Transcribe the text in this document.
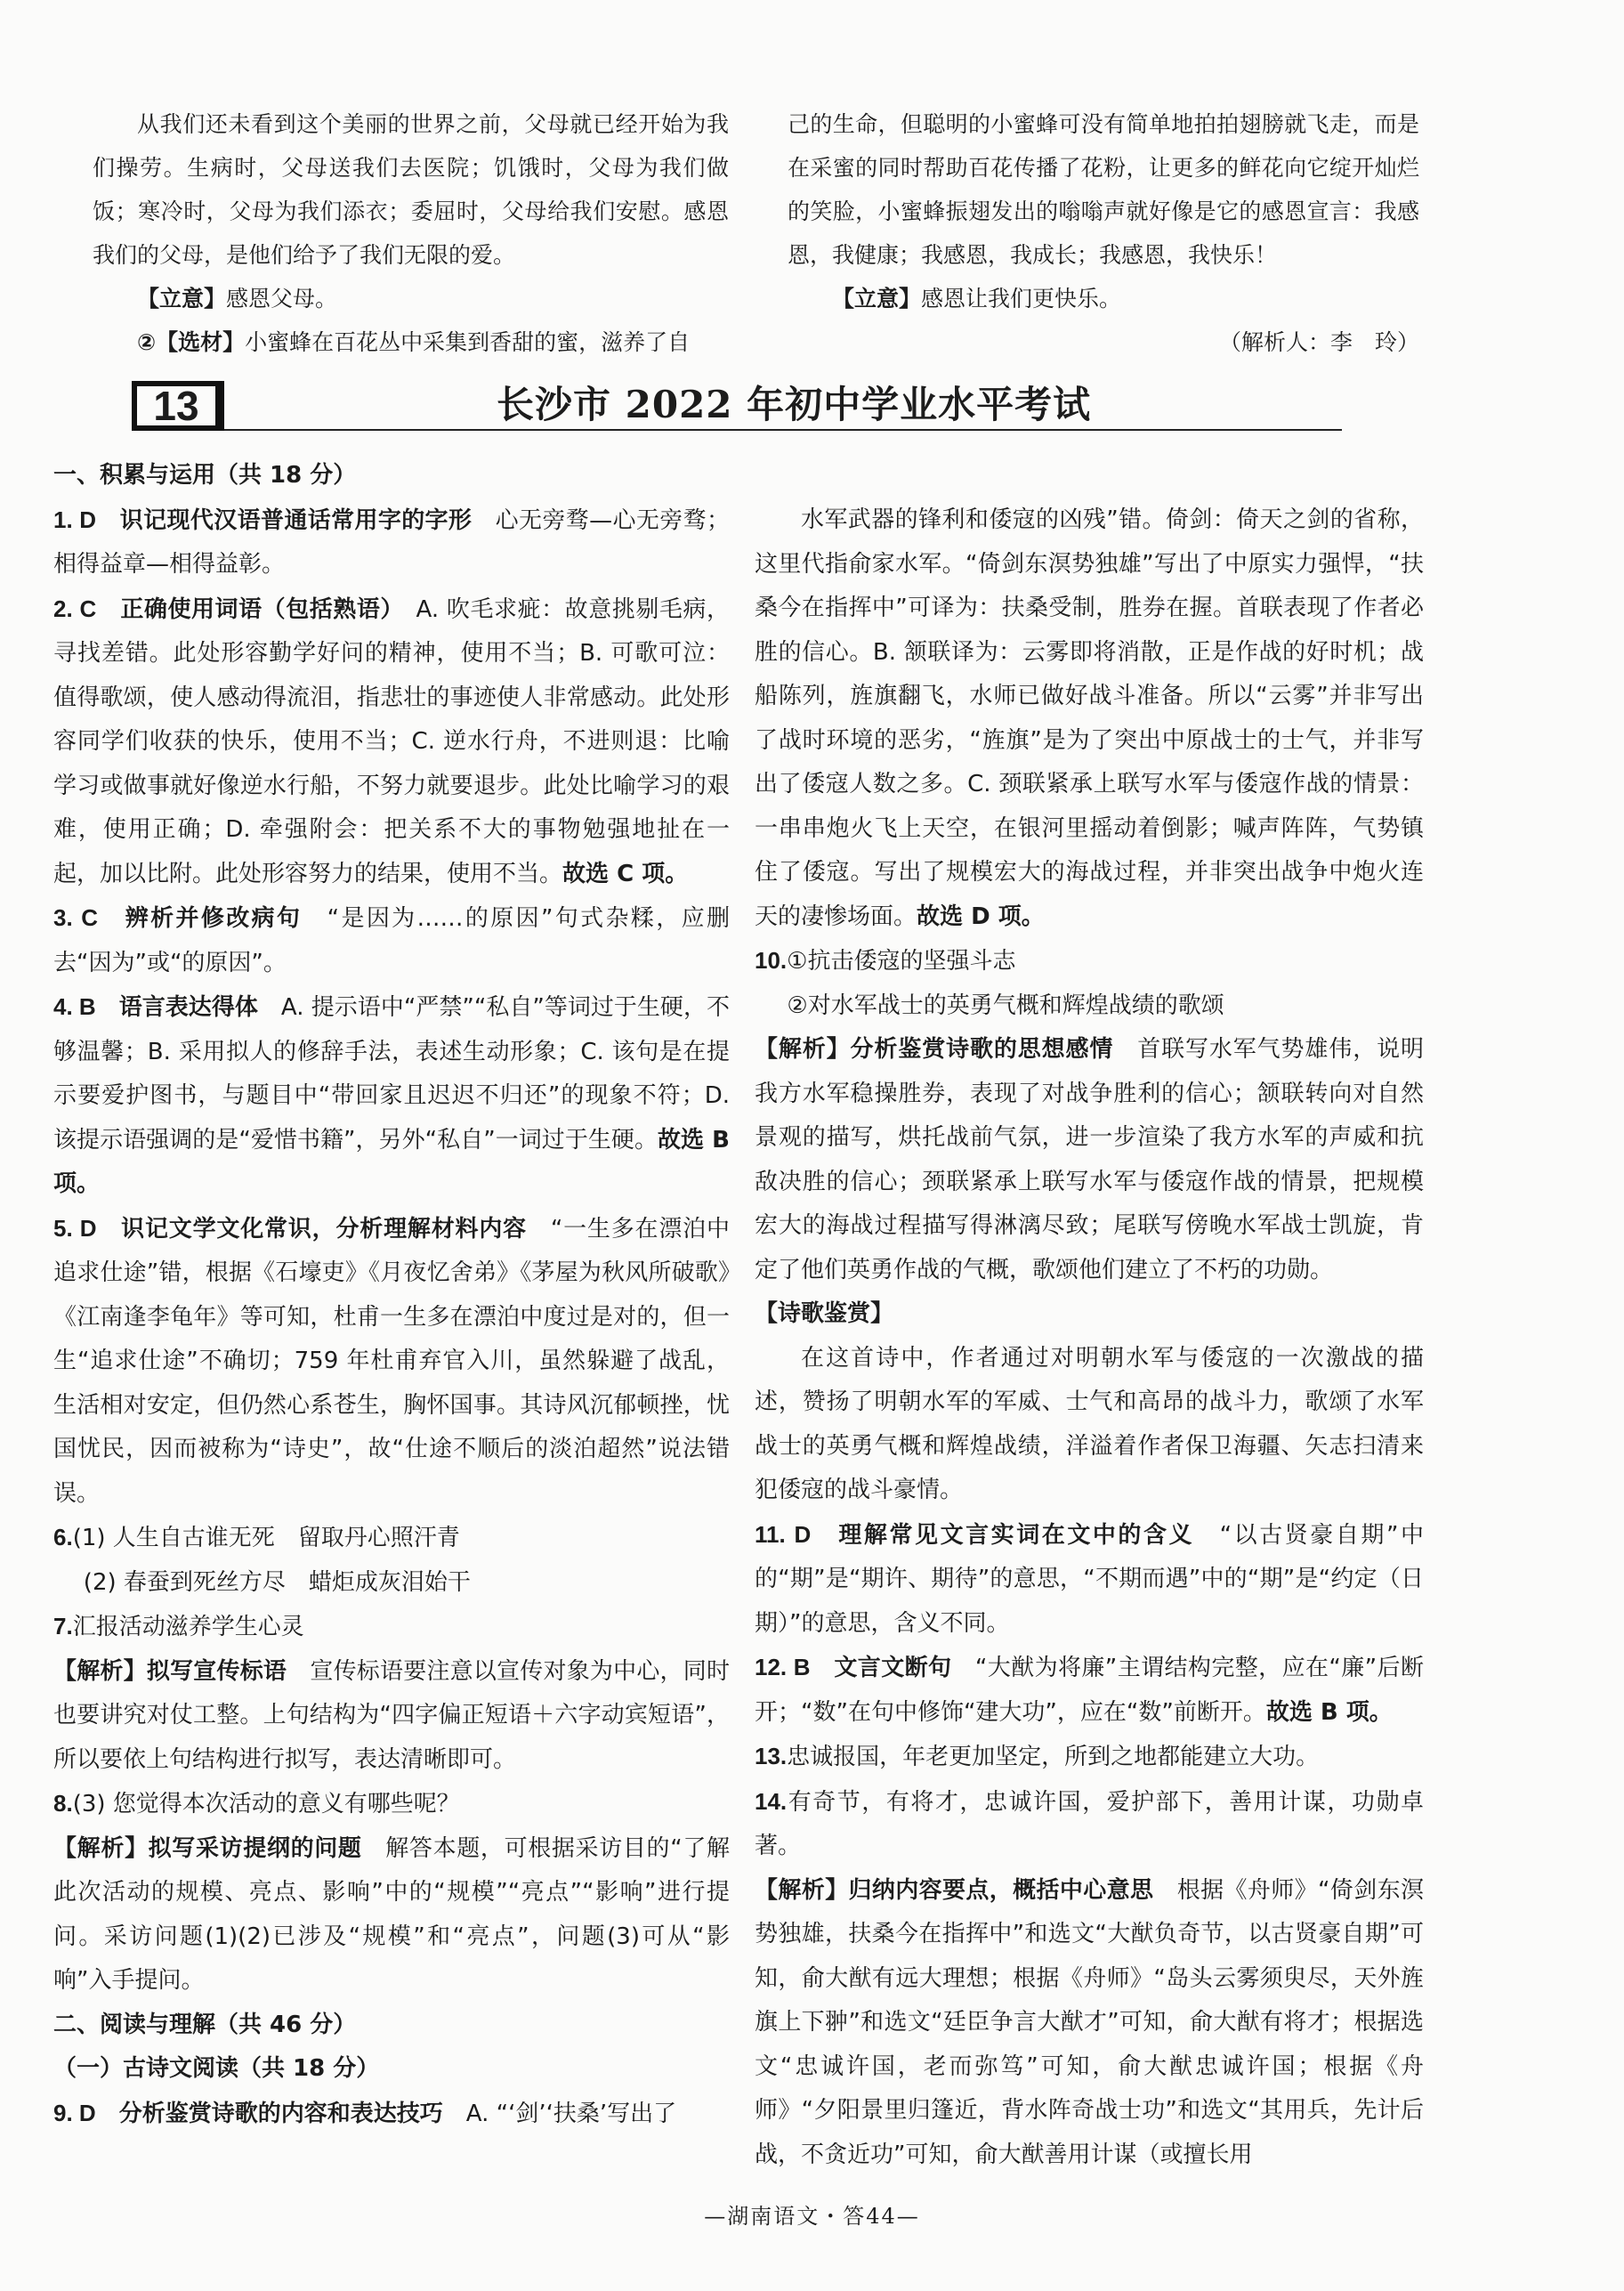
从我们还未看到这个美丽的世界之前，父母就已经开始为我们操劳。生病时，父母送我们去医院；饥饿时，父母为我们做饭；寒冷时，父母为我们添衣；委屈时，父母给我们安慰。感恩我们的父母，是他们给予了我们无限的爱。

【立意】感恩父母。

②【选材】小蜜蜂在百花丛中采集到香甜的蜜，滋养了自

己的生命，但聪明的小蜜蜂可没有简单地拍拍翅膀就飞走，而是在采蜜的同时帮助百花传播了花粉，让更多的鲜花向它绽开灿烂的笑脸，小蜜蜂振翅发出的嗡嗡声就好像是它的感恩宣言：我感恩，我健康；我感恩，我成长；我感恩，我快乐！

【立意】感恩让我们更快乐。

（解析人：李　玲）

13	长沙市 2022 年初中学业水平考试

一、积累与运用（共 18 分）

1. D　 识记现代汉语普通话常用字的字形　 心无旁骛—心无旁骛；相得益章—相得益彰。

2. C　 正确使用词语（包括熟语）　 A. 吹毛求疵：故意挑剔毛病，寻找差错。此处形容勤学好问的精神，使用不当；B. 可歌可泣：值得歌颂，使人感动得流泪，指悲壮的事迹使人非常感动。此处形容同学们收获的快乐，使用不当；C. 逆水行舟，不进则退：比喻学习或做事就好像逆水行船，不努力就要退步。此处比喻学习的艰难，使用正确；D. 牵强附会：把关系不大的事物勉强地扯在一起，加以比附。此处形容努力的结果，使用不当。故选 C 项。

3. C　 辨析并修改病句　 “是因为……的原因”句式杂糅，应删去“因为”或“的原因”。

4. B　 语言表达得体　 A. 提示语中“严禁”“私自”等词过于生硬，不够温馨；B. 采用拟人的修辞手法，表述生动形象；C. 该句是在提示要爱护图书，与题目中“带回家且迟迟不归还”的现象不符；D. 该提示语强调的是“爱惜书籍”，另外“私自”一词过于生硬。故选 B 项。

5. D　 识记文学文化常识，分析理解材料内容　 “一生多在漂泊中追求仕途”错，根据《石壕吏》《月夜忆舍弟》《茅屋为秋风所破歌》《江南逢李龟年》等可知，杜甫一生多在漂泊中度过是对的，但一生“追求仕途”不确切；759 年杜甫弃官入川，虽然躲避了战乱，生活相对安定，但仍然心系苍生，胸怀国事。其诗风沉郁顿挫，忧国忧民，因而被称为“诗史”，故“仕途不顺后的淡泊超然”说法错误。

6.(1) 人生自古谁无死　留取丹心照汗青

(2) 春蚕到死丝方尽　蜡炬成灰泪始干

7.汇报活动滋养学生心灵

【解析】拟写宣传标语　 宣传标语要注意以宣传对象为中心，同时也要讲究对仗工整。上句结构为“四字偏正短语＋六字动宾短语”，所以要依上句结构进行拟写，表达清晰即可。

8.(3) 您觉得本次活动的意义有哪些呢？

【解析】拟写采访提纲的问题　 解答本题，可根据采访目的“了解此次活动的规模、亮点、影响”中的“规模”“亮点”“影响”进行提问。采访问题(1)(2)已涉及“规模”和“亮点”，问题(3)可从“影响”入手提问。

二、阅读与理解（共 46 分）

（一）古诗文阅读（共 18 分）

9. D　 分析鉴赏诗歌的内容和表达技巧　 A. “‘剑’‘扶桑’写出了

水军武器的锋利和倭寇的凶残”错。倚剑：倚天之剑的省称，这里代指俞家水军。“倚剑东溟势独雄”写出了中原实力强悍，“扶桑今在指挥中”可译为：扶桑受制，胜券在握。首联表现了作者必胜的信心。B. 颔联译为：云雾即将消散，正是作战的好时机；战船陈列，旌旗翻飞，水师已做好战斗准备。所以“云雾”并非写出了战时环境的恶劣，“旌旗”是为了突出中原战士的士气，并非写出了倭寇人数之多。C. 颈联紧承上联写水军与倭寇作战的情景：一串串炮火飞上天空，在银河里摇动着倒影；喊声阵阵，气势镇住了倭寇。写出了规模宏大的海战过程，并非突出战争中炮火连天的凄惨场面。故选 D 项。

10.①抗击倭寇的坚强斗志

②对水军战士的英勇气概和辉煌战绩的歌颂

【解析】分析鉴赏诗歌的思想感情　 首联写水军气势雄伟，说明我方水军稳操胜券，表现了对战争胜利的信心；颔联转向对自然景观的描写，烘托战前气氛，进一步渲染了我方水军的声威和抗敌决胜的信心；颈联紧承上联写水军与倭寇作战的情景，把规模宏大的海战过程描写得淋漓尽致；尾联写傍晚水军战士凯旋，肯定了他们英勇作战的气概，歌颂他们建立了不朽的功勋。

【诗歌鉴赏】

在这首诗中，作者通过对明朝水军与倭寇的一次激战的描述，赞扬了明朝水军的军威、士气和高昂的战斗力，歌颂了水军战士的英勇气概和辉煌战绩，洋溢着作者保卫海疆、矢志扫清来犯倭寇的战斗豪情。

11. D　 理解常见文言实词在文中的含义　 “以古贤豪自期”中的“期”是“期许、期待”的意思，“不期而遇”中的“期”是“约定（日期）”的意思，含义不同。

12. B　 文言文断句　 “大猷为将廉”主谓结构完整，应在“廉”后断开；“数”在句中修饰“建大功”，应在“数”前断开。故选 B 项。

13.忠诚报国，年老更加坚定，所到之地都能建立大功。

14.有奇节，有将才，忠诚许国，爱护部下，善用计谋，功勋卓著。

【解析】归纳内容要点，概括中心意思　 根据《舟师》“倚剑东溟势独雄，扶桑今在指挥中”和选文“大猷负奇节，以古贤豪自期”可知，俞大猷有远大理想；根据《舟师》“岛头云雾须臾尽，天外旌旗上下翀”和选文“廷臣争言大猷才”可知，俞大猷有将才；根据选文“忠诚许国，老而弥笃”可知，俞大猷忠诚许国；根据《舟师》“夕阳景里归篷近，背水阵奇战士功”和选文“其用兵，先计后战，不贪近功”可知，俞大猷善用计谋（或擅长用

—湖南语文・答44—
